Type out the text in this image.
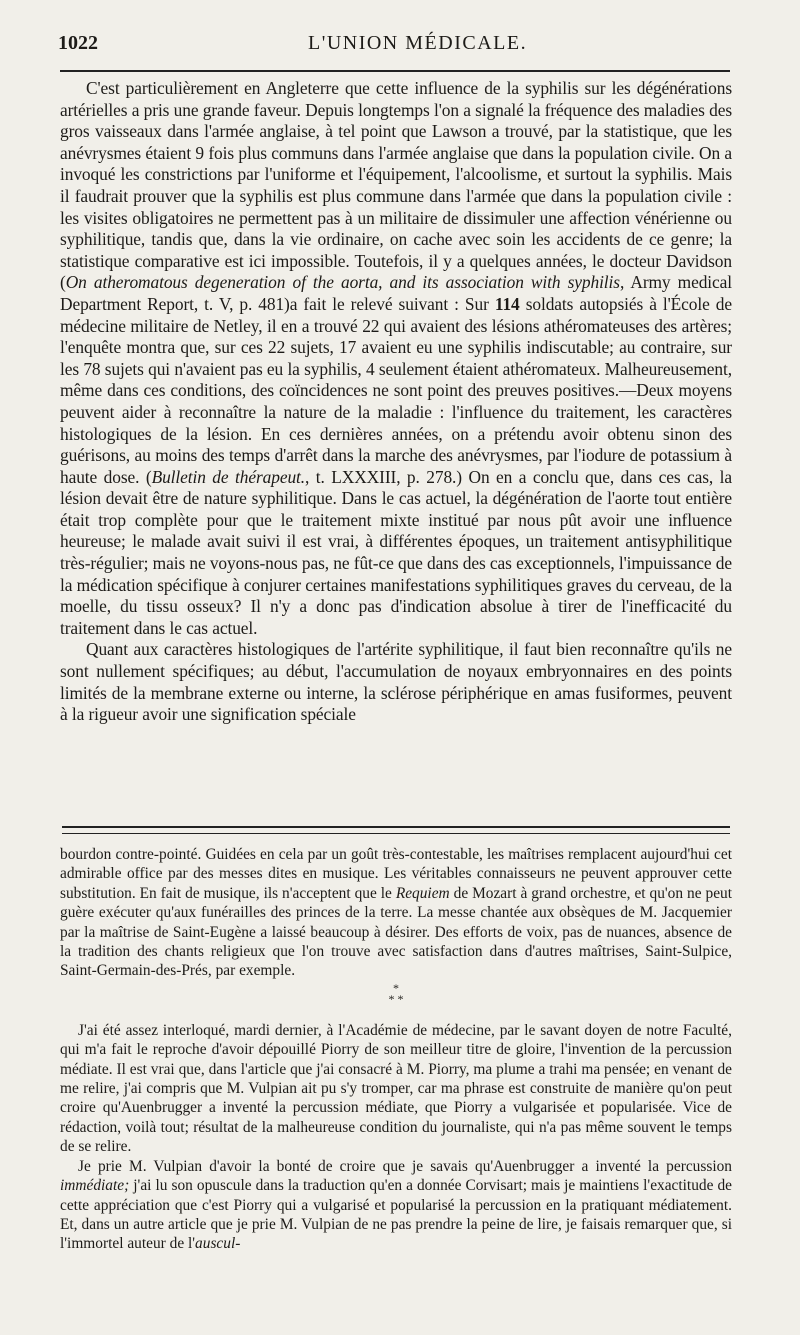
1022	L'UNION MÉDICALE.

C'est particulièrement en Angleterre que cette influence de la syphilis sur les dégénérations artérielles a pris une grande faveur. Depuis longtemps l'on a signalé la fréquence des maladies des gros vaisseaux dans l'armée anglaise, à tel point que Lawson a trouvé, par la statistique, que les anévrysmes étaient 9 fois plus communs dans l'armée anglaise que dans la population civile. On a invoqué les constrictions par l'uniforme et l'équipement, l'alcoolisme, et surtout la syphilis. Mais il faudrait prouver que la syphilis est plus commune dans l'armée que dans la population civile : les visites obligatoires ne permettent pas à un militaire de dissimuler une affection vénérienne ou syphilitique, tandis que, dans la vie ordinaire, on cache avec soin les accidents de ce genre; la statistique comparative est ici impossible. Toutefois, il y a quelques années, le docteur Davidson (On atheromatous degeneration of the aorta, and its association with syphilis, Army medical Department Report, t. V, p. 481)a fait le relevé suivant : Sur 114 soldats autopsiés à l'École de médecine militaire de Netley, il en a trouvé 22 qui avaient des lésions athéromateuses des artères; l'enquête montra que, sur ces 22 sujets, 17 avaient eu une syphilis indiscutable; au contraire, sur les 78 sujets qui n'avaient pas eu la syphilis, 4 seulement étaient athéromateux. Malheureusement, même dans ces conditions, des coïncidences ne sont point des preuves positives.—Deux moyens peuvent aider à reconnaître la nature de la maladie : l'influence du traitement, les caractères histologiques de la lésion. En ces dernières années, on a prétendu avoir obtenu sinon des guérisons, au moins des temps d'arrêt dans la marche des anévrysmes, par l'iodure de potassium à haute dose. (Bulletin de thérapeut., t. LXXXIII, p. 278.) On en a conclu que, dans ces cas, la lésion devait être de nature syphilitique. Dans le cas actuel, la dégénération de l'aorte tout entière était trop complète pour que le traitement mixte institué par nous pût avoir une influence heureuse; le malade avait suivi il est vrai, à différentes époques, un traitement antisyphilitique très-régulier; mais ne voyons-nous pas, ne fût-ce que dans des cas exceptionnels, l'impuissance de la médication spécifique à conjurer certaines manifestations syphilitiques graves du cerveau, de la moelle, du tissu osseux? Il n'y a donc pas d'indication absolue à tirer de l'inefficacité du traitement dans le cas actuel.

Quant aux caractères histologiques de l'artérite syphilitique, il faut bien reconnaître qu'ils ne sont nullement spécifiques; au début, l'accumulation de noyaux embryonnaires en des points limités de la membrane externe ou interne, la sclérose périphérique en amas fusiformes, peuvent à la rigueur avoir une signification spéciale

bourdon contre-pointé. Guidées en cela par un goût très-contestable, les maîtrises remplacent aujourd'hui cet admirable office par des messes dites en musique. Les véritables connaisseurs ne peuvent approuver cette substitution. En fait de musique, ils n'acceptent que le Requiem de Mozart à grand orchestre, et qu'on ne peut guère exécuter qu'aux funérailles des princes de la terre. La messe chantée aux obsèques de M. Jacquemier par la maîtrise de Saint-Eugène a laissé beaucoup à désirer. Des efforts de voix, pas de nuances, absence de la tradition des chants religieux que l'on trouve avec satisfaction dans d'autres maîtrises, Saint-Sulpice, Saint-Germain-des-Prés, par exemple.

*
* *

J'ai été assez interloqué, mardi dernier, à l'Académie de médecine, par le savant doyen de notre Faculté, qui m'a fait le reproche d'avoir dépouillé Piorry de son meilleur titre de gloire, l'invention de la percussion médiate. Il est vrai que, dans l'article que j'ai consacré à M. Piorry, ma plume a trahi ma pensée; en venant de me relire, j'ai compris que M. Vulpian ait pu s'y tromper, car ma phrase est construite de manière qu'on peut croire qu'Auenbrugger a inventé la percussion médiate, que Piorry a vulgarisée et popularisée. Vice de rédaction, voilà tout; résultat de la malheureuse condition du journaliste, qui n'a pas même souvent le temps de se relire.

Je prie M. Vulpian d'avoir la bonté de croire que je savais qu'Auenbrugger a inventé la percussion immédiate; j'ai lu son opuscule dans la traduction qu'en a donnée Corvisart; mais je maintiens l'exactitude de cette appréciation que c'est Piorry qui a vulgarisé et popularisé la percussion en la pratiquant médiatement. Et, dans un autre article que je prie M. Vulpian de ne pas prendre la peine de lire, je faisais remarquer que, si l'immortel auteur de l'auscul-
